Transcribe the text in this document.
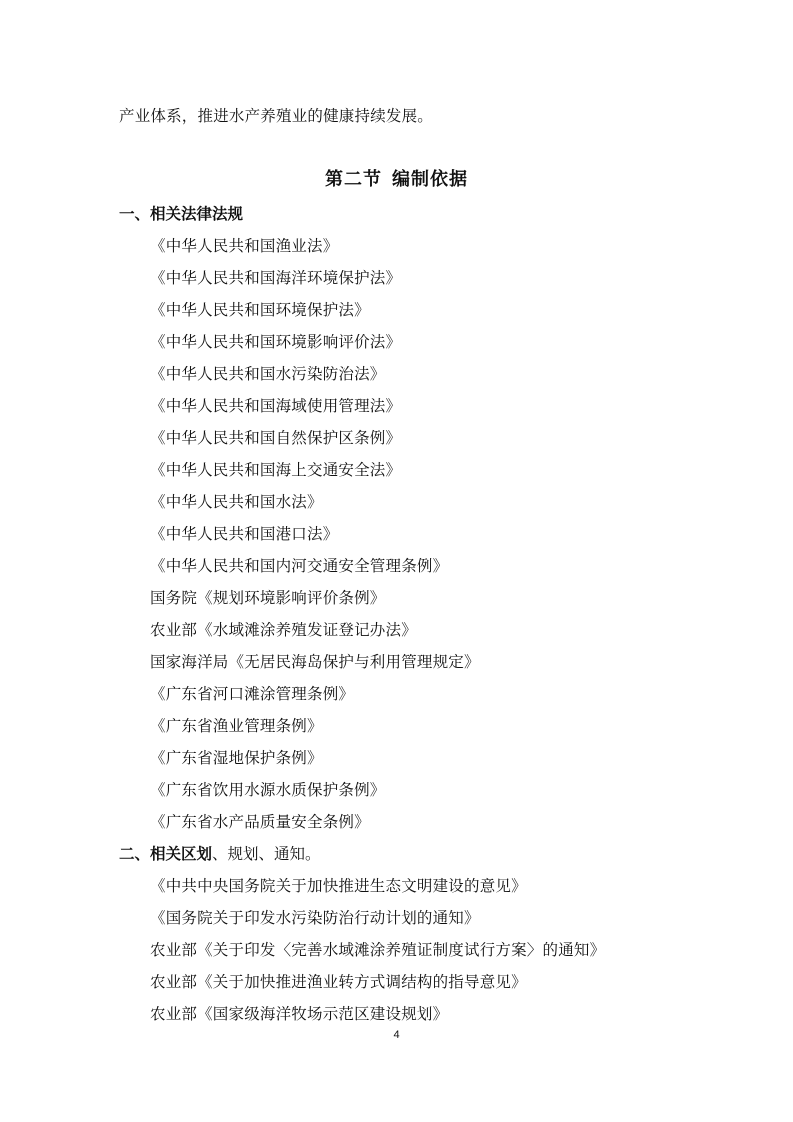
产业体系，推进水产养殖业的健康持续发展。
第二节 编制依据
一、相关法律法规
《中华人民共和国渔业法》
《中华人民共和国海洋环境保护法》
《中华人民共和国环境保护法》
《中华人民共和国环境影响评价法》
《中华人民共和国水污染防治法》
《中华人民共和国海域使用管理法》
《中华人民共和国自然保护区条例》
《中华人民共和国海上交通安全法》
《中华人民共和国水法》
《中华人民共和国港口法》
《中华人民共和国内河交通安全管理条例》
国务院《规划环境影响评价条例》
农业部《水域滩涂养殖发证登记办法》
国家海洋局《无居民海岛保护与利用管理规定》
《广东省河口滩涂管理条例》
《广东省渔业管理条例》
《广东省湿地保护条例》
《广东省饮用水源水质保护条例》
《广东省水产品质量安全条例》
二、相关区划、规划、通知。
《中共中央国务院关于加快推进生态文明建设的意见》
《国务院关于印发水污染防治行动计划的通知》
农业部《关于印发〈完善水域滩涂养殖证制度试行方案〉的通知》
农业部《关于加快推进渔业转方式调结构的指导意见》
农业部《国家级海洋牧场示范区建设规划》
4
